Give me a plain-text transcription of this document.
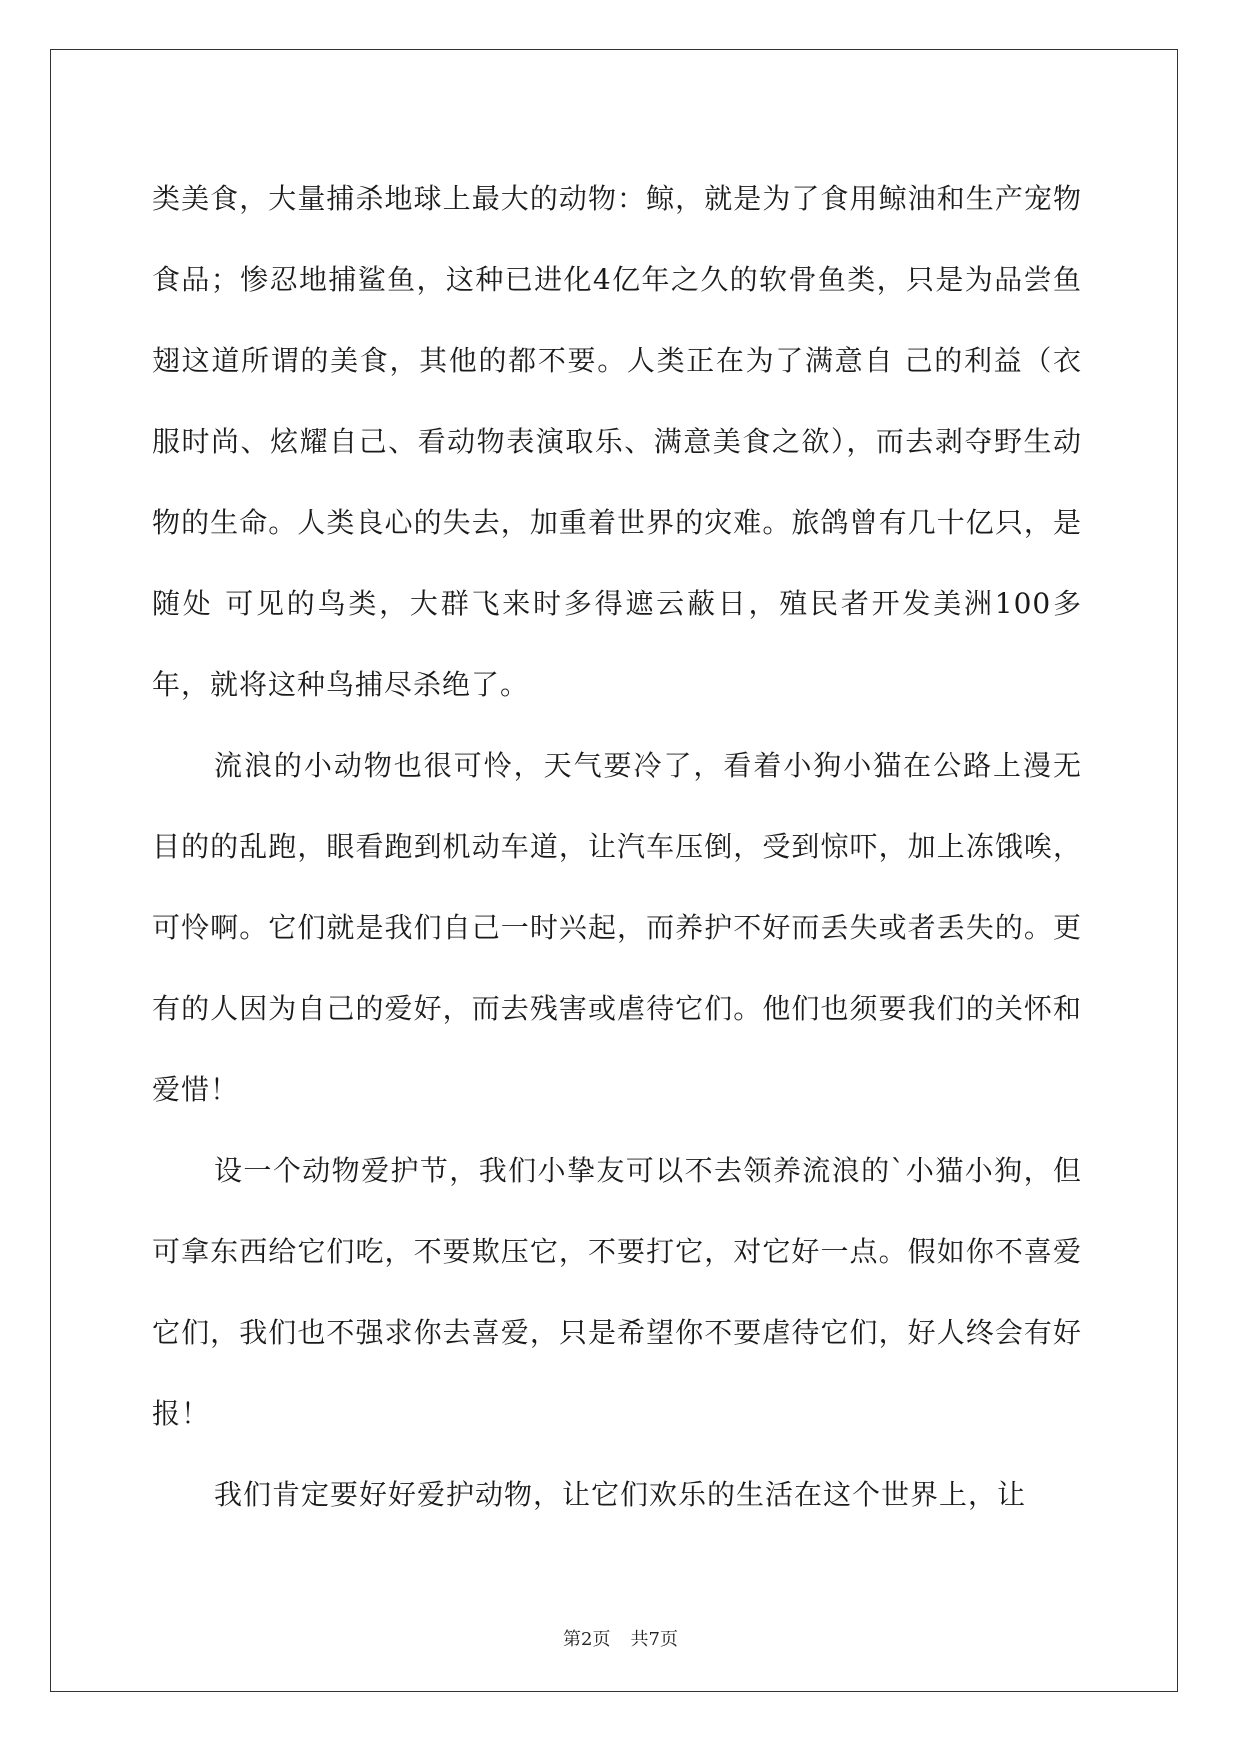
类美食，大量捕杀地球上最大的动物：鲸，就是为了食用鲸油和生产宠物食品；惨忍地捕鲨鱼，这种已进化4亿年之久的软骨鱼类，只是为品尝鱼翅这道所谓的美食，其他的都不要。人类正在为了满意自 己的利益（衣服时尚、炫耀自己、看动物表演取乐、满意美食之欲），而去剥夺野生动物的生命。人类良心的失去，加重着世界的灾难。旅鸽曾有几十亿只，是随处 可见的鸟类，大群飞来时多得遮云蔽日，殖民者开发美洲100多年，就将这种鸟捕尽杀绝了。

流浪的小动物也很可怜，天气要冷了，看着小狗小猫在公路上漫无目的的乱跑，眼看跑到机动车道，让汽车压倒，受到惊吓，加上冻饿唉，可怜啊。它们就是我们自己一时兴起，而养护不好而丢失或者丢失的。更有的人因为自己的爱好，而去残害或虐待它们。他们也须要我们的关怀和爱惜！

设一个动物爱护节，我们小挚友可以不去领养流浪的`小猫小狗，但可拿东西给它们吃，不要欺压它，不要打它，对它好一点。假如你不喜爱它们，我们也不强求你去喜爱，只是希望你不要虐待它们，好人终会有好报！

我们肯定要好好爱护动物，让它们欢乐的生活在这个世界上，让

第2页 共7页
